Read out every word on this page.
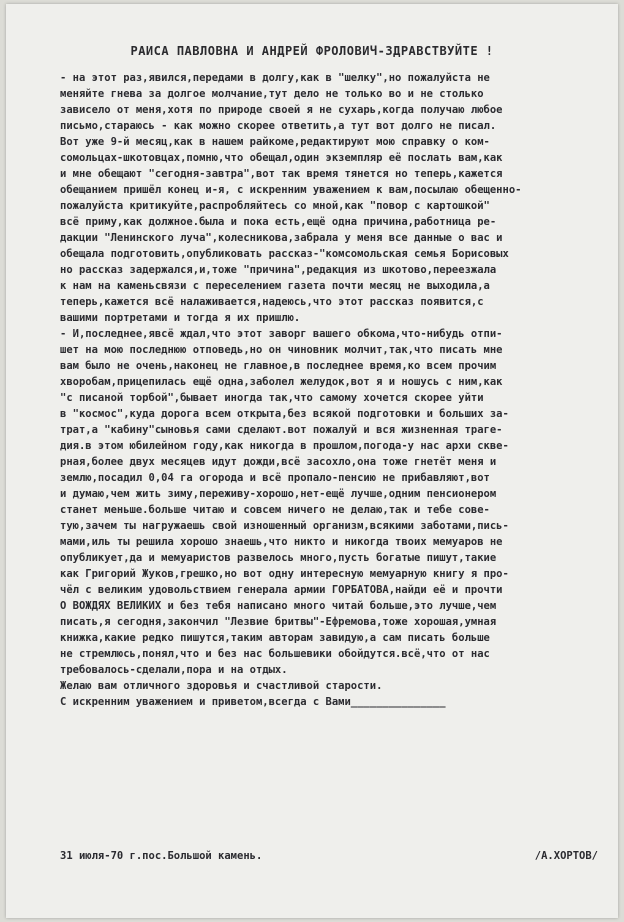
РАИСА ПАВЛОВНА И АНДРЕЙ ФРОЛОВИЧ-ЗДРАВСТВУЙТЕ !
- на этот раз,явился,передами в долгу,как в "шелку",но пожалуйста не
меняйте гнева за долгое молчание,тут дело не только во и не столько
зависело от меня,хотя по природе своей я не сухарь,когда получаю любое
письмо,стараюсь - как можно скорее ответить,а тут вот долго не писал.
Вот уже 9-й месяц,как в нашем райкоме,редактируют мою справку о ком-
сомольцах-шкотовцах,помню,что обещал,один экземпляр её послать вам,как
и мне обещают "сегодня-завтра",вот так время тянется но теперь,кажется
обещанием пришёл конец и-я, с искренним уважением к вам,посылаю обещенно-
пожалуйста критикуйте,распробляйтесь со мной,как "повор с картошкой"
всё приму,как должное.была и пока есть,ещё одна причина,работница ре-
дакции "Ленинского луча",колесникова,забрала у меня все данные о вас и
обещала подготовить,опубликовать рассказ-"комсомольская семья Борисовых
но рассказ задержался,и,тоже "причина",редакция из шкотово,переезжала
к нам на каменьсвязи с переселением газета почти месяц не выходила,а
теперь,кажется всё налаживается,надеюсь,что этот рассказ появится,с
вашими портретами и тогда я их пришлю.
- И,последнее,явсё ждал,что этот заворг вашего обкома,что-нибудь отпи-
шет на мою последнюю отповедь,но он чиновник молчит,так,что писать мне
вам было не очень,наконец не главное,в последнее время,ко всем прочим
хворобам,прицепилась ещё одна,заболел желудок,вот я и ношусь с ним,как
"с писаной торбой",бывает иногда так,что самому хочется скорее уйти
в "космос",куда дорога всем открыта,без всякой подготовки и больших за-
трат,а "кабину"сыновья сами сделают.вот пожалуй и вся жизненная траге-
дия.в этом юбилейном году,как никогда в прошлом,погода-у нас архи скве-
рная,более двух месяцев идут дожди,всё засохло,она тоже гнетёт меня и
землю,посадил 0,04 га огорода и всё пропало-пенсию не прибавляют,вот
и думаю,чем жить зиму,переживу-хорошо,нет-ещё лучше,одним пенсионером
станет меньше.больше читаю и совсем ничего не делаю,так и тебе сове-
тую,зачем ты нагружаешь свой изношенный организм,всякими заботами,пись-
мами,иль ты решила хорошо знаешь,что никто и никогда твоих мемуаров не
опубликует,да и мемуаристов развелось много,пусть богатые пишут,такие
как Григорий Жуков,грешко,но вот одну интересную мемуарную книгу я про-
чёл с великим удовольствием генерала армии ГОРБАТОВА,найди её и прочти
О ВОЖДЯХ ВЕЛИКИХ и без тебя написано много читай больше,это лучше,чем
писать,я сегодня,закончил "Лезвие бритвы"-Ефремова,тоже хорошая,умная
книжка,какие редко пишутся,таким авторам завидую,а сам писать больше
не стремлюсь,понял,что и без нас большевики обойдутся.всё,что от нас
требовалось-сделали,пора и на отдых.
Желаю вам отличного здоровья и счастливой старости.
С искренним уважением и приветом,всегда с Вами_______________
31 июля-70 г.пос.Большой камень.	/А.ХОРТОВ/
